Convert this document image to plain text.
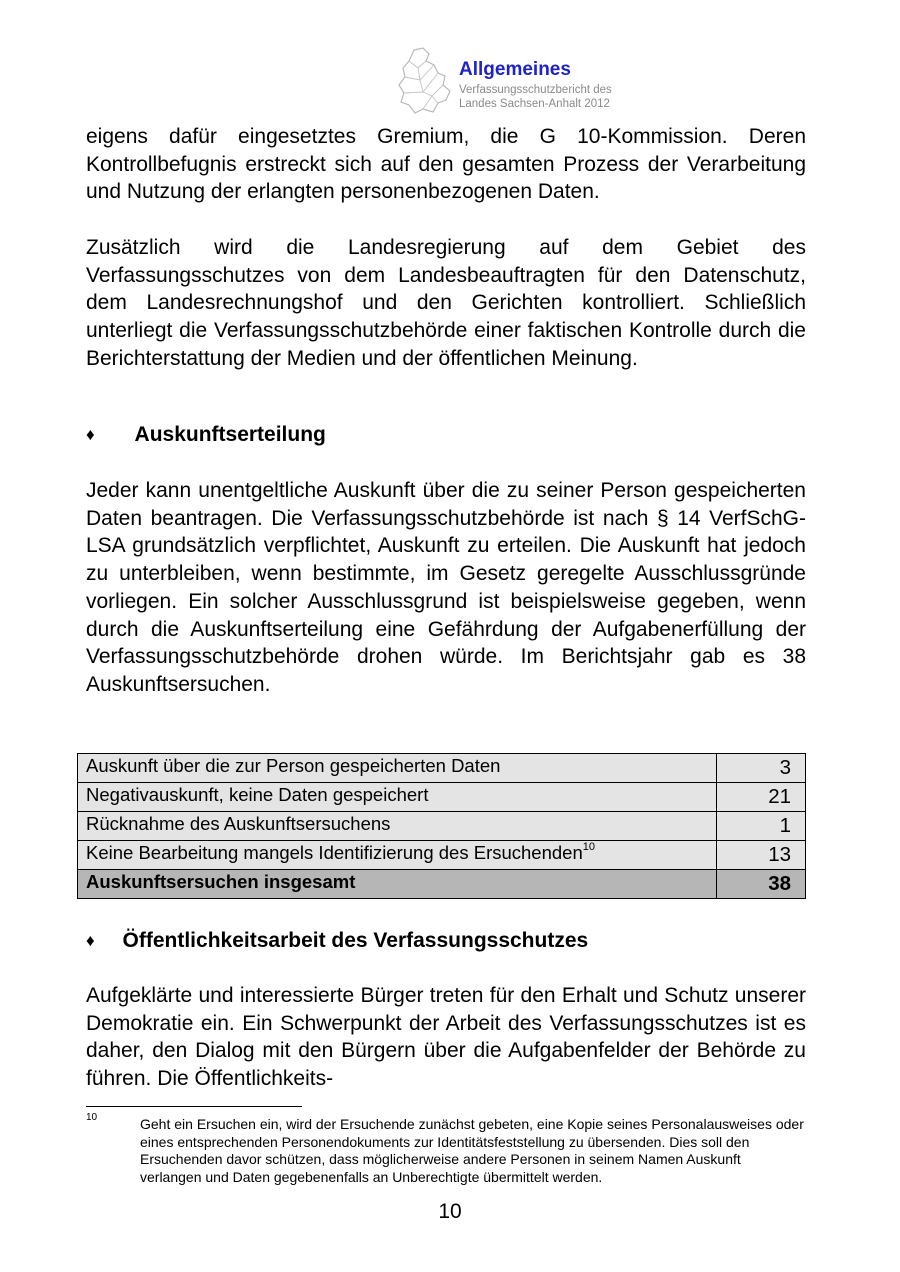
Allgemeines
Verfassungsschutzbericht des
Landes Sachsen-Anhalt 2012

eigens dafür eingesetztes Gremium, die G 10-Kommission. Deren Kontrollbefugnis erstreckt sich auf den gesamten Prozess der Verarbeitung und Nutzung der erlangten personenbezogenen Daten.

Zusätzlich wird die Landesregierung auf dem Gebiet des Verfassungsschutzes von dem Landesbeauftragten für den Datenschutz, dem Landesrechnungshof und den Gerichten kontrolliert. Schließlich unterliegt die Verfassungsschutzbehörde einer faktischen Kontrolle durch die Berichterstattung der Medien und der öffentlichen Meinung.

♦ Auskunftserteilung

Jeder kann unentgeltliche Auskunft über die zu seiner Person gespeicherten Daten beantragen. Die Verfassungsschutzbehörde ist nach § 14 VerfSchG-LSA grundsätzlich verpflichtet, Auskunft zu erteilen. Die Auskunft hat jedoch zu unterbleiben, wenn bestimmte, im Gesetz geregelte Ausschlussgründe vorliegen. Ein solcher Ausschlussgrund ist beispielsweise gegeben, wenn durch die Auskunftserteilung eine Gefährdung der Aufgabenerfüllung der Verfassungsschutzbehörde drohen würde. Im Berichtsjahr gab es 38 Auskunftsersuchen.

Auskunft über die zur Person gespeicherten Daten	3
Negativauskunft, keine Daten gespeichert	21
Rücknahme des Auskunftsersuchens	1
Keine Bearbeitung mangels Identifizierung des Ersuchenden$^{10}$	13
Auskunftsersuchen insgesamt	38
♦ Öffentlichkeitsarbeit des Verfassungsschutzes

Aufgeklärte und interessierte Bürger treten für den Erhalt und Schutz unserer Demokratie ein. Ein Schwerpunkt der Arbeit des Verfassungsschutzes ist es daher, den Dialog mit den Bürgern über die Aufgabenfelder der Behörde zu führen. Die Öffentlichkeits-

10	Geht ein Ersuchen ein, wird der Ersuchende zunächst gebeten, eine Kopie seines Personalausweises oder eines entsprechenden Personendokuments zur Identitätsfeststellung zu übersenden. Dies soll den Ersuchenden davor schützen, dass möglicherweise andere Personen in seinem Namen Auskunft verlangen und Daten gegebenenfalls an Unberechtigte übermittelt werden.
10
